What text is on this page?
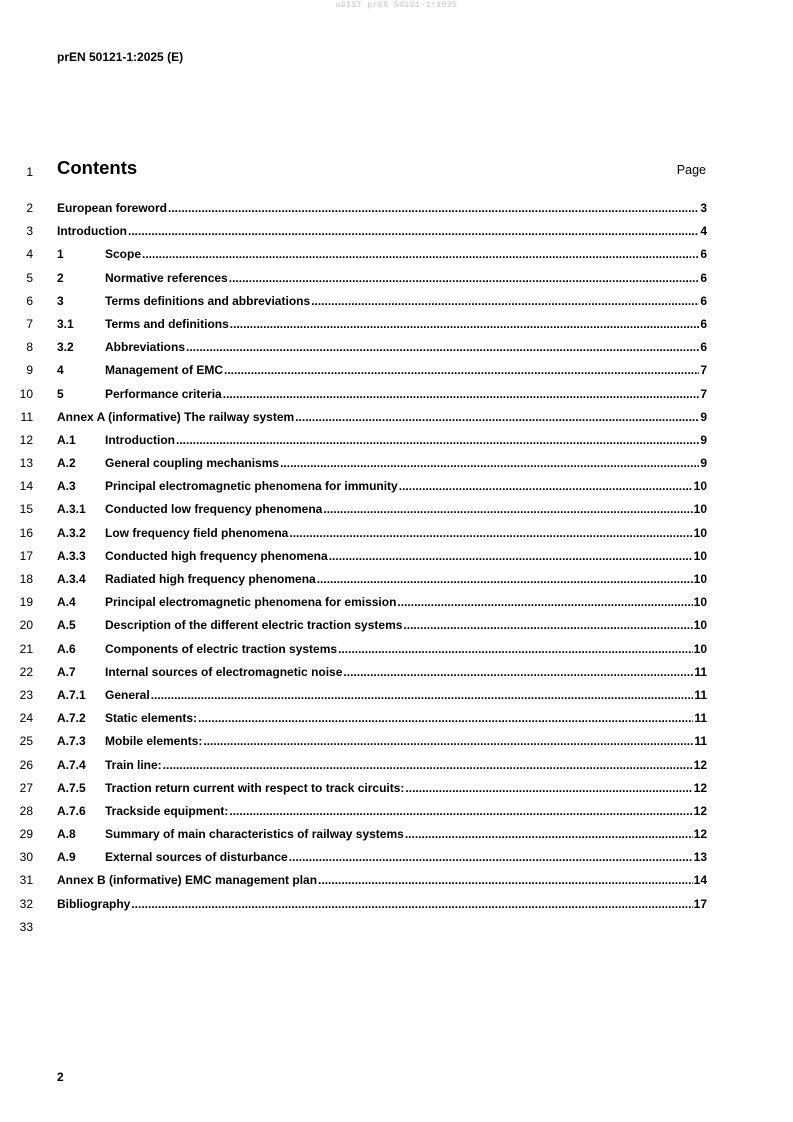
oSIST prEN 50121-1:2025
prEN 50121-1:2025 (E)
1 Contents	Page
2 European foreword .....	3
3 Introduction .....	4
4 1	Scope .....	6
5 2	Normative references .....	6
6 3	Terms definitions and abbreviations .....	6
7 3.1	Terms and definitions .....	6
8 3.2	Abbreviations .....	6
9 4	Management of EMC .....	7
10 5	Performance criteria .....	7
11 Annex A (informative) The railway system .....	9
12 A.1	Introduction .....	9
13 A.2	General coupling mechanisms .....	9
14 A.3	Principal electromagnetic phenomena for immunity .....	10
15 A.3.1	Conducted low frequency phenomena .....	10
16 A.3.2	Low frequency field phenomena .....	10
17 A.3.3	Conducted high frequency phenomena .....	10
18 A.3.4	Radiated high frequency phenomena .....	10
19 A.4	Principal electromagnetic phenomena for emission .....	10
20 A.5	Description of the different electric traction systems .....	10
21 A.6	Components of electric traction systems .....	10
22 A.7	Internal sources of electromagnetic noise .....	11
23 A.7.1	General .....	11
24 A.7.2	Static elements: .....	11
25 A.7.3	Mobile elements: .....	11
26 A.7.4	Train line: .....	12
27 A.7.5	Traction return current with respect to track circuits: .....	12
28 A.7.6	Trackside equipment: .....	12
29 A.8	Summary of main characteristics of railway systems .....	12
30 A.9	External sources of disturbance .....	13
31 Annex B (informative) EMC management plan .....	14
32 Bibliography .....	17
33
2
